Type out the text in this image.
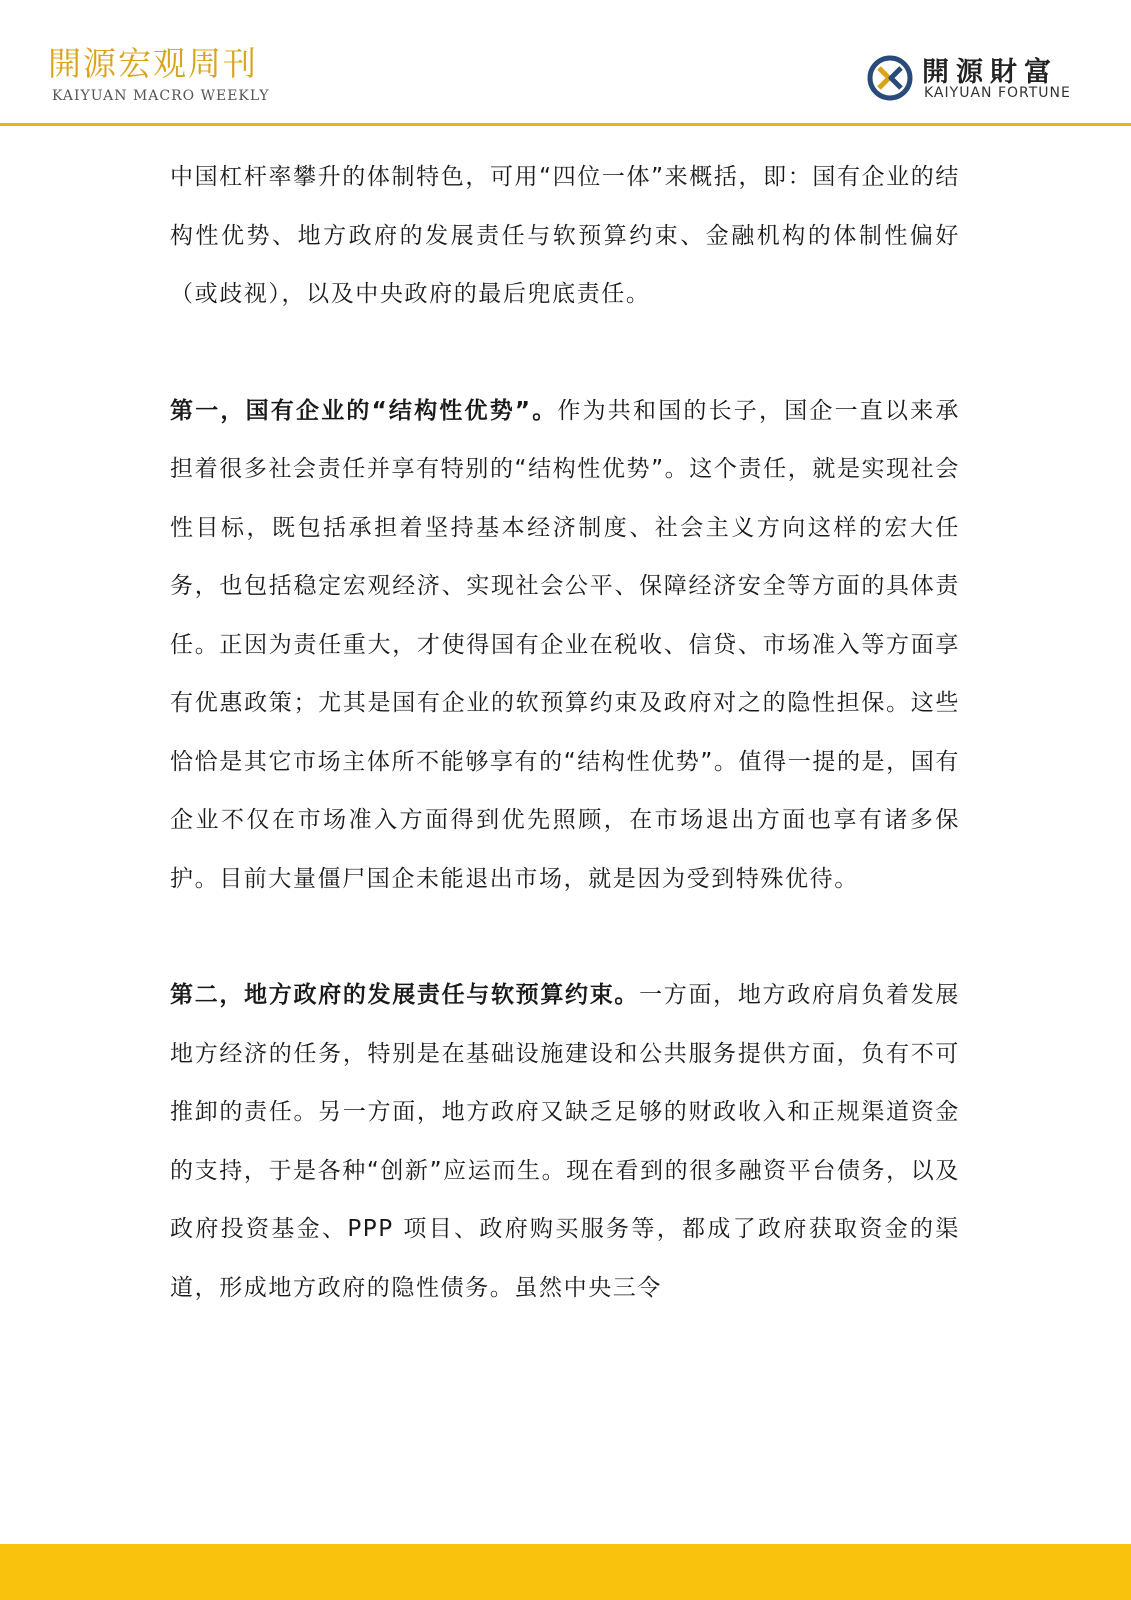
開源宏观周刊
KAIYUAN MACRO WEEKLY
開源財富
KAIYUAN FORTUNE

中国杠杆率攀升的体制特色，可用“四位一体”来概括，即：国有企业的结构性优势、地方政府的发展责任与软预算约束、金融机构的体制性偏好（或歧视），以及中央政府的最后兜底责任。

第一，国有企业的“结构性优势”。作为共和国的长子，国企一直以来承担着很多社会责任并享有特别的“结构性优势”。这个责任，就是实现社会性目标，既包括承担着坚持基本经济制度、社会主义方向这样的宏大任务，也包括稳定宏观经济、实现社会公平、保障经济安全等方面的具体责任。正因为责任重大，才使得国有企业在税收、信贷、市场准入等方面享有优惠政策；尤其是国有企业的软预算约束及政府对之的隐性担保。这些恰恰是其它市场主体所不能够享有的“结构性优势”。值得一提的是，国有企业不仅在市场准入方面得到优先照顾，在市场退出方面也享有诸多保护。目前大量僵尸国企未能退出市场，就是因为受到特殊优待。

第二，地方政府的发展责任与软预算约束。一方面，地方政府肩负着发展地方经济的任务，特别是在基础设施建设和公共服务提供方面，负有不可推卸的责任。另一方面，地方政府又缺乏足够的财政收入和正规渠道资金的支持，于是各种“创新”应运而生。现在看到的很多融资平台债务，以及政府投资基金、PPP 项目、政府购买服务等，都成了政府获取资金的渠道，形成地方政府的隐性债务。虽然中央三令
